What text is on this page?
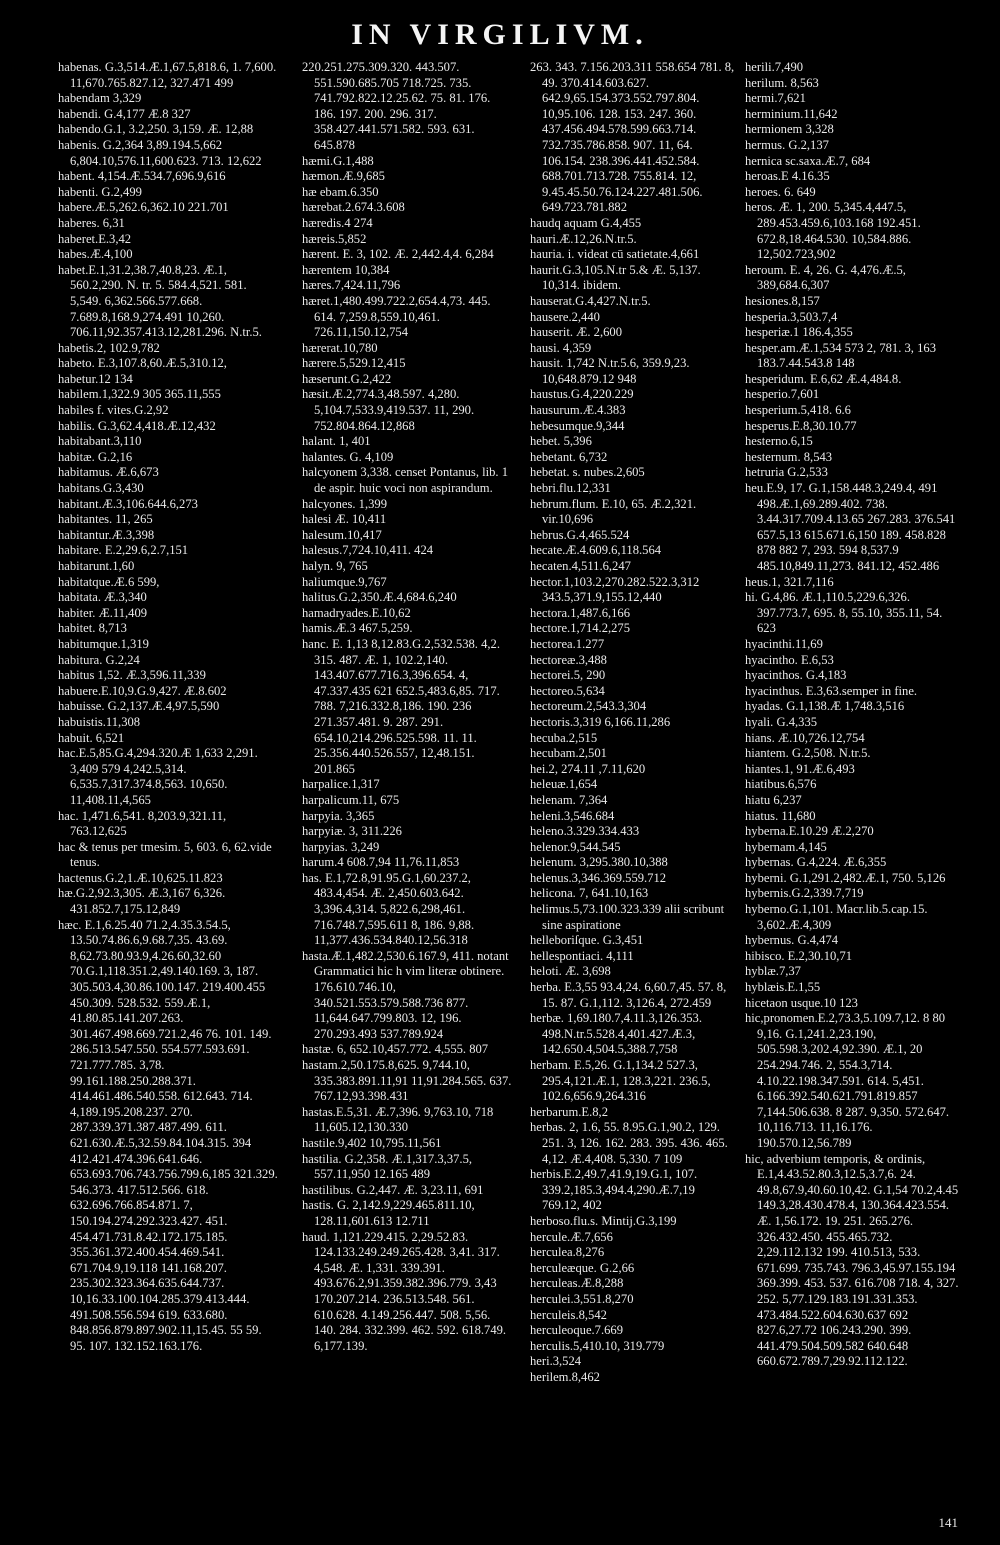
IN VIRGILIVM.

habenas. G.3,514.Æ.1,67.5,818.6, 1. 7,600. 11,670.765.827.12, 327.471 499

habendam 3,329

habendi. G.4,177 Æ.8 327

habendo.G.1, 3.2,250. 3,159. Æ. 12,88

habenis. G.2,364 3,89.194.5,662 6,804.10,576.11,600.623. 713. 12,622

habent. 4,154.Æ.534.7,696.9,616

habenti. G.2,499

habere.Æ.5,262.6,362.10 221.701

haberes. 6,31

haberet.E.3,42

habes.Æ.4,100

habet.E.1,31.2,38.7,40.8,23. Æ.1, 560.2,290. N. tr. 5. 584.4,521. 581. 5,549. 6,362.566.577.668. 7.689.8,168.9,274.491 10,260. 706.11,92.357.413.12,281.296. N.tr.5.

habetis.2, 102.9,782

habeto. E.3,107.8,60.Æ.5,310.12,

habetur.12 134

habilem.1,322.9 305 365.11,555

habiles f. vites.G.2,92

habilis. G.3,62.4,418.Æ.12,432

habitabant.3,110

habitæ. G.2,16

habitamus. Æ.6,673

habitans.G.3,430

habitant.Æ.3,106.644.6,273

habitantes. 11, 265

habitantur.Æ.3,398

habitare. E.2,29.6,2.7,151

habitarunt.1,60

habitatque.Æ.6 599,

habitata. Æ.3,340

habiter. Æ.11,409

habitet. 8,713

habitumque.1,319

habitura. G.2,24

habitus 1,52. Æ.3,596.11,339

habuere.E.10,9.G.9,427. Æ.8.602

habuisse. G.2,137.Æ.4,97.5,590

habuistis.11,308

habuit. 6,521

hac.E.5,85.G.4,294.320.Æ 1,633 2,291. 3,409 579 4,242.5,314. 6,535.7,317.374.8,563. 10,650. 11,408.11,4,565

hac. 1,471.6,541. 8,203.9,321.11, 763.12,625

hac & tenus per tmesim. 5, 603. 6, 62.vide tenus.

hactenus.G.2,1.Æ.10,625.11.823

hæ.G.2,92.3,305. Æ.3,167 6,326. 431.852.7,175.12,849

hæc. E.1,6.25.40 71.2,4.35.3.54.5, 13.50.74.86.6,9.68.7,35. 43.69. 8,62.73.80.93.9,4.26.60,32.60 70.G.1,118.351.2,49.140.169. 3, 187. 305.503.4,30.86.100.147. 219.400.455 450.309. 528.532. 559.Æ.1, 41.80.85.141.207.263. 301.467.498.669.721.2,46 76. 101. 149. 286.513.547.550. 554.577.593.691. 721.777.785. 3,78. 99.161.188.250.288.371. 414.461.486.540.558. 612.643. 714. 4,189.195.208.237. 270. 287.339.371.387.487.499. 611. 621.630.Æ.5,32.59.84.104.315. 394 412.421.474.396.641.646. 653.693.706.743.756.799.6,185 321.329. 546.373. 417.512.566. 618. 632.696.766.854.871. 7, 150.194.274.292.323.427. 451. 454.471.731.8.42.172.175.185. 355.361.372.400.454.469.541. 671.704.9,19.118 141.168.207. 235.302.323.364.635.644.737. 10,16.33.100.104.285.379.413.444. 491.508.556.594 619. 633.680. 848.856.879.897.902.11,15.45. 55 59. 95. 107. 132.152.163.176.

220.251.275.309.320. 443.507. 551.590.685.705 718.725. 735. 741.792.822.12.25.62. 75. 81. 176. 186. 197. 200. 296. 317. 358.427.441.571.582. 593. 631. 645.878

hæmi.G.1,488

hæmon.Æ.9,685

hæ ebam.6.350

hærebat.2.674.3.608

hæredis.4 274

hæreis.5,852

hærent. E. 3, 102. Æ. 2,442.4,4. 6,284

hærentem 10,384

hæres.7,424.11,796

hæret.1,480.499.722.2,654.4,73. 445. 614. 7,259.8,559.10,461. 726.11,150.12,754

hærerat.10,780

hærere.5,529.12,415

hæserunt.G.2,422

hæsit.Æ.2,774.3,48.597. 4,280. 5,104.7,533.9,419.537. 11, 290. 752.804.864.12,868

halant. 1, 401

halantes. G. 4,109

halcyonem 3,338. censet Pontanus, lib. 1 de aspir. huic voci non aspirandum.

halcyones. 1,399

halesi Æ. 10,411

halesum.10,417

halesus.7,724.10,411. 424

halyn. 9, 765

haliumque.9,767

halitus.G.2,350.Æ.4,684.6,240

hamadryades.E.10,62

hamis.Æ.3 467.5,259.

hanc. E. 1,13 8,12.83.G.2,532.538. 4,2. 315. 487. Æ. 1, 102.2,140. 143.407.677.716.3,396.654. 4, 47.337.435 621 652.5,483.6,85. 717. 788. 7,216.332.8,186. 190. 236 271.357.481. 9. 287. 291. 654.10,214.296.525.598. 11. 11. 25.356.440.526.557, 12,48.151. 201.865

harpalice.1,317

harpalicum.11, 675

harpyia. 3,365

harpyiæ. 3, 311.226

harpyias. 3,249

harum.4 608.7,94 11,76.11,853

has. E.1,72.8,91.95.G.1,60.237.2, 483.4,454. Æ. 2,450.603.642. 3,396.4,314. 5,822.6,298,461. 716.748.7,595.611 8, 186. 9,88. 11,377.436.534.840.12,56.318

hasta.Æ.1,482.2,530.6.167.9, 411. notant Grammatici hic h vim literæ obtinere. 176.610.746.10, 340.521.553.579.588.736 877. 11,644.647.799.803. 12, 196. 270.293.493 537.789.924

hastæ. 6, 652.10,457.772. 4,555. 807

hastam.2,50.175.8,625. 9,744.10, 335.383.891.11,91 11,91.284.565. 637. 767.12,93.398.431

hastas.E.5,31. Æ.7,396. 9,763.10, 718 11,605.12,130.330

hastile.9,402 10,795.11,561

hastilia. G.2,358. Æ.1,317.3,37.5, 557.11,950 12.165 489

hastilibus. G.2,447. Æ. 3,23.11, 691

hastis. G. 2,142.9,229.465.811.10, 128.11,601.613 12.711

haud. 1,121.229.415. 2,29.52.83. 124.133.249.249.265.428. 3,41. 317. 4,548. Æ. 1,331. 339.391. 493.676.2,91.359.382.396.779. 3,43 170.207.214. 236.513.548. 561. 610.628. 4.149.256.447. 508. 5,56. 140. 284. 332.399. 462. 592. 618.749. 6,177.139.

263. 343. 7.156.203.311 558.654 781. 8, 49. 370.414.603.627. 642.9,65.154.373.552.797.804. 10,95.106. 128. 153. 247. 360. 437.456.494.578.599.663.714. 732.735.786.858. 907. 11, 64. 106.154. 238.396.441.452.584. 688.701.713.728. 755.814. 12, 9.45.45.50.76.124.227.481.506. 649.723.781.882

haudq aquam G.4,455

hauri.Æ.12,26.N.tr.5.

hauria. i. videat cū satietate.4,661

haurit.G.3,105.N.tr 5.& Æ. 5,137. 10,314. ibidem.

hauserat.G.4,427.N.tr.5.

hausere.2,440

hauserit. Æ. 2,600

hausi. 4,359

hausit. 1,742 N.tr.5.6, 359.9,23. 10,648.879.12 948

haustus.G.4,220.229

hausurum.Æ.4.383

hebesumque.9,344

hebet. 5,396

hebetant. 6,732

hebetat. s. nubes.2,605

hebri.flu.12,331

hebrum.flum. E.10, 65. Æ.2,321. vir.10,696

hebrus.G.4,465.524

hecate.Æ.4.609.6,118.564

hecaten.4,511.6,247

hector.1,103.2,270.282.522.3,312 343.5,371.9,155.12,440

hectora.1,487.6,166

hectore.1,714.2,275

hectorea.1.277

hectoreæ.3,488

hectorei.5, 290

hectoreo.5,634

hectoreum.2,543.3,304

hectoris.3,319 6,166.11,286

hecuba.2,515

hecubam.2,501

hei.2, 274.11 ,7.11,620

heleuæ.1,654

helenam. 7,364

heleni.3,546.684

heleno.3.329.334.433

helenor.9,544.545

helenum. 3,295.380.10,388

helenus.3,346.369.559.712

heliconа. 7, 641.10,163

helimus.5,73.100.323.339 alii scribunt sine aspiratione

helleboriſque. G.3,451

hellespontiaci. 4,111

heloti. Æ. 3,698

herba. E.3,55 93.4,24. 6,60.7,45. 57. 8, 15. 87. G.1,112. 3,126.4, 272.459

herbæ. 1,69.180.7,4.11.3,126.353. 498.N.tr.5.528.4,401.427.Æ.3, 142.650.4,504.5,388.7,758

herbam. E.5,26. G.1,134.2 527.3, 295.4,121.Æ.1, 128.3,221. 236.5, 102.6,656.9,264.316

herbarum.E.8,2

herbas. 2, 1.6, 55. 8.95.G.1,90.2, 129. 251. 3, 126. 162. 283. 395. 436. 465. 4,12. Æ.4,408. 5,330. 7 109

herbis.E.2,49.7,41.9,19.G.1, 107. 339.2,185.3,494.4,290.Æ.7,19 769.12, 402

herboso.flu.s. Mintij.G.3,199

hercule.Æ.7,656

herculea.8,276

herculeæque. G.2,66

herculeas.Æ.8,288

herculei.3,551.8,270

herculeis.8,542

herculeoque.7.669

herculis.5,410.10, 319.779

heri.3,524

herilem.8,462

herili.7,490

herilum. 8,563

hermi.7,621

herminium.11,642

hermionem 3,328

hermus. G.2,137

hernica sc.saxa.Æ.7, 684

heroas.E 4.16.35

heroes. 6. 649

heros. Æ. 1, 200. 5,345.4,447.5, 289.453.459.6,103.168 192.451. 672.8,18.464.530. 10,584.886. 12,502.723,902

heroum. E. 4, 26. G. 4,476.Æ.5, 389,684.6,307

hesiones.8,157

hesperia.3,503.7,4

hesperiæ.1 186.4,355

hesper.am.Æ.1,534 573 2, 781. 3, 163 183.7.44.543.8 148

hesperidum. E.6,62 Æ.4,484.8.

hesperio.7,601

hesperium.5,418. 6.6

hesperus.E.8,30.10.77

hesterno.6,15

hesternum. 8,543

hetruria G.2,533

heu.E.9, 17. G.1,158.448.3,249.4, 491 498.Æ.1,69.289.402. 738. 3.44.317.709.4.13.65 267.283. 376.541 657.5,13 615.671.6,150 189. 458.828 878 882 7, 293. 594 8,537.9 485.10,849.11,273. 841.12, 452.486

heus.1, 321.7,116

hi. G.4,86. Æ.1,110.5,229.6,326. 397.773.7, 695. 8, 55.10, 355.11, 54. 623

hyacinthi.11,69

hyacintho. E.6,53

hyacinthos. G.4,183

hyacinthus. E.3,63.semper in fine.

hyadas. G.1,138.Æ 1,748.3,516

hyali. G.4,335

hians. Æ.10,726.12,754

hiantem. G.2,508. N.tr.5.

hiantes.1, 91.Æ.6,493

hiatibus.6,576

hiatu 6,237

hiatus. 11,680

hyberna.E.10.29 Æ.2,270

hybernam.4,145

hybernas. G.4,224. Æ.6,355

hyberni. G.1,291.2,482.Æ.1, 750. 5,126

hybernis.G.2,339.7,719

hyberno.G.1,101. Macr.lib.5.cap.15. 3,602.Æ.4,309

hybernus. G.4,474

hibisco. E.2,30.10,71

hyblæ.7,37

hyblæis.E.1,55

hicetaon usque.10 123

hic,pronomen.E.2,73.3,5.109.7,12. 8 80 9,16. G.1,241.2,23.190, 505.598.3,202.4,92.390. Æ.1, 20 254.294.746. 2, 554.3,714. 4.10.22.198.347.591. 614. 5,451. 6.166.392.540.621.791.819.857 7,144.506.638. 8 287. 9,350. 572.647. 10,116.713. 11,16.176. 190.570.12,56.789

hic, adverbium temporis, & ordinis, E.1,4.43.52.80.3,12.5,3.7,6. 24. 49.8,67.9,40.60.10,42. G.1,54 70.2,4.45 149.3,28.430.478.4, 130.364.423.554. Æ. 1,56.172. 19. 251. 265.276. 326.432.450. 455.465.732. 2,29.112.132 199. 410.513, 533. 671.699. 735.743. 796.3,45.97.155.194 369.399. 453. 537. 616.708 718. 4, 327. 252. 5,77.129.183.191.331.353. 473.484.522.604.630.637 692 827.6,27.72 106.243.290. 399. 441.479.504.509.582 640.648 660.672.789.7,29.92.112.122.

141
